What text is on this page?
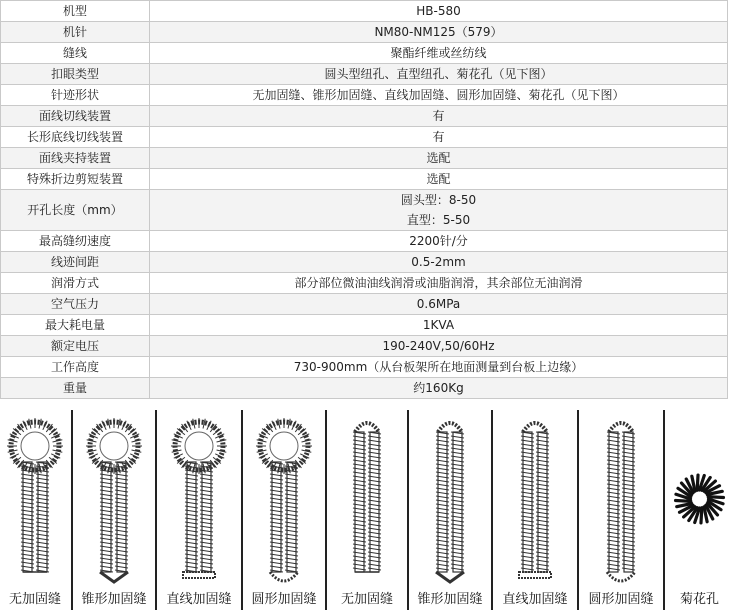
机型	HB-580
机针	NM80-NM125（579）
缝线	聚酯纤维或丝纺线
扣眼类型	圆头型纽孔、直型纽孔、菊花孔（见下图）
针迹形状	无加固缝、锥形加固缝、直线加固缝、圆形加固缝、菊花孔（见下图）
面线切线装置	有
长形底线切线装置	有
面线夹持装置	选配
特殊折边剪短装置	选配
开孔长度（mm）	圆头型：8-50
直型：5-50

最高缝纫速度	2200针/分
线迹间距	0.5-2mm
润滑方式	部分部位微油油线润滑或油脂润滑，其余部位无油润滑
空气压力	0.6MPa
最大耗电量	1KVA
额定电压	190-240V,50/60Hz
工作高度	730-900mm（从台板架所在地面测量到台板上边缘）
重量	约160Kg
无加固缝	锥形加固缝	直线加固缝	圆形加固缝	无加固缝	锥形加固缝	直线加固缝	圆形加固缝	菊花孔
